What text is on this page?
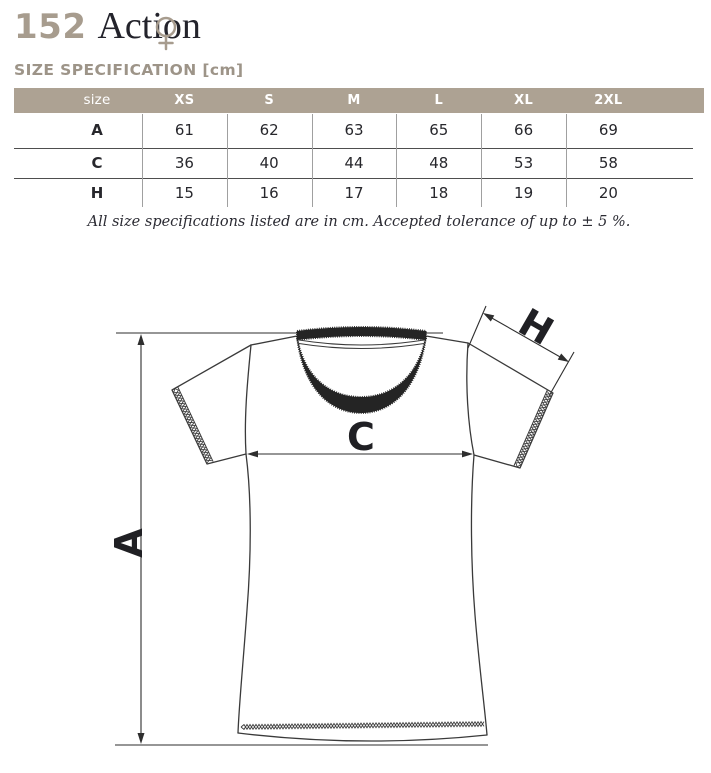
152 Action
SIZE SPECIFICATION [cm]
size	XS	S	M	L	XL	2XL
A	61	62	63	65	66	69
C	36	40	44	48	53	58
H	15	16	17	18	19	20
All size specifications listed are in cm. Accepted tolerance of up to ± 5 %.
A
C
H
